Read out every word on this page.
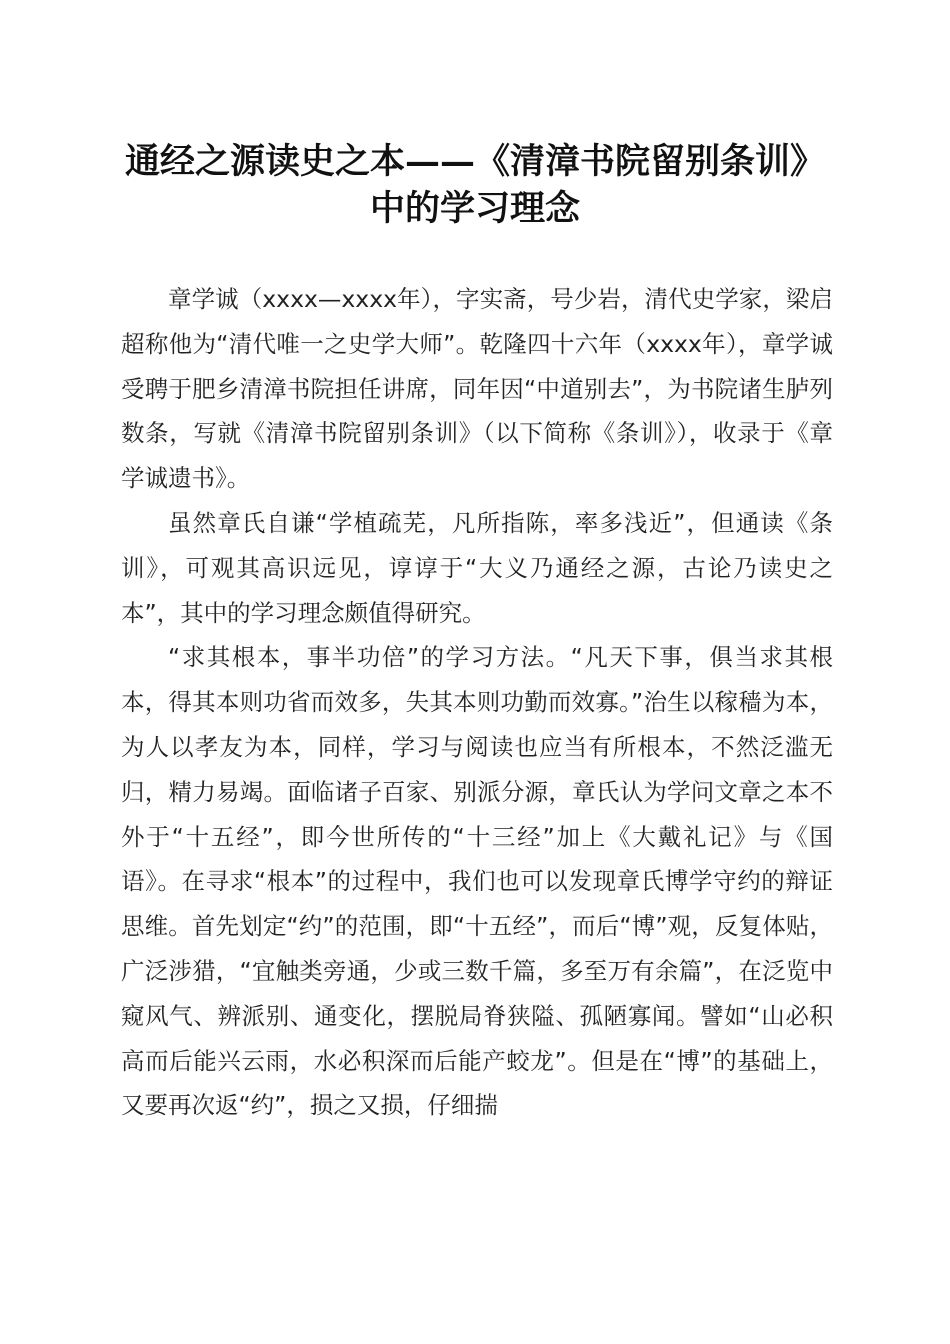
通经之源读史之本——《清漳书院留别条训》
中的学习理念

章学诚（xxxx—xxxx年），字实斋，号少岩，清代史学家，梁启超称他为“清代唯一之史学大师”。乾隆四十六年（xxxx年），章学诚受聘于肥乡清漳书院担任讲席，同年因“中道别去”，为书院诸生胪列数条，写就《清漳书院留别条训》（以下简称《条训》），收录于《章学诚遗书》。

虽然章氏自谦“学植疏芜，凡所指陈，率多浅近”，但通读《条训》，可观其高识远见，谆谆于“大义乃通经之源，古论乃读史之本”，其中的学习理念颇值得研究。

“求其根本，事半功倍”的学习方法。“凡天下事，俱当求其根本，得其本则功省而效多，失其本则功勤而效寡。”治生以稼穑为本，为人以孝友为本，同样，学习与阅读也应当有所根本，不然泛滥无归，精力易竭。面临诸子百家、别派分源，章氏认为学问文章之本不外于“十五经”，即今世所传的“十三经”加上《大戴礼记》与《国语》。在寻求“根本”的过程中，我们也可以发现章氏博学守约的辩证思维。首先划定“约”的范围，即“十五经”，而后“博”观，反复体贴，广泛涉猎，“宜触类旁通，少或三数千篇，多至万有余篇”，在泛览中窥风气、辨派别、通变化，摆脱局脊狭隘、孤陋寡闻。譬如“山必积高而后能兴云雨，水必积深而后能产蛟龙”。但是在“博”的基础上，又要再次返“约”，损之又损，仔细揣
